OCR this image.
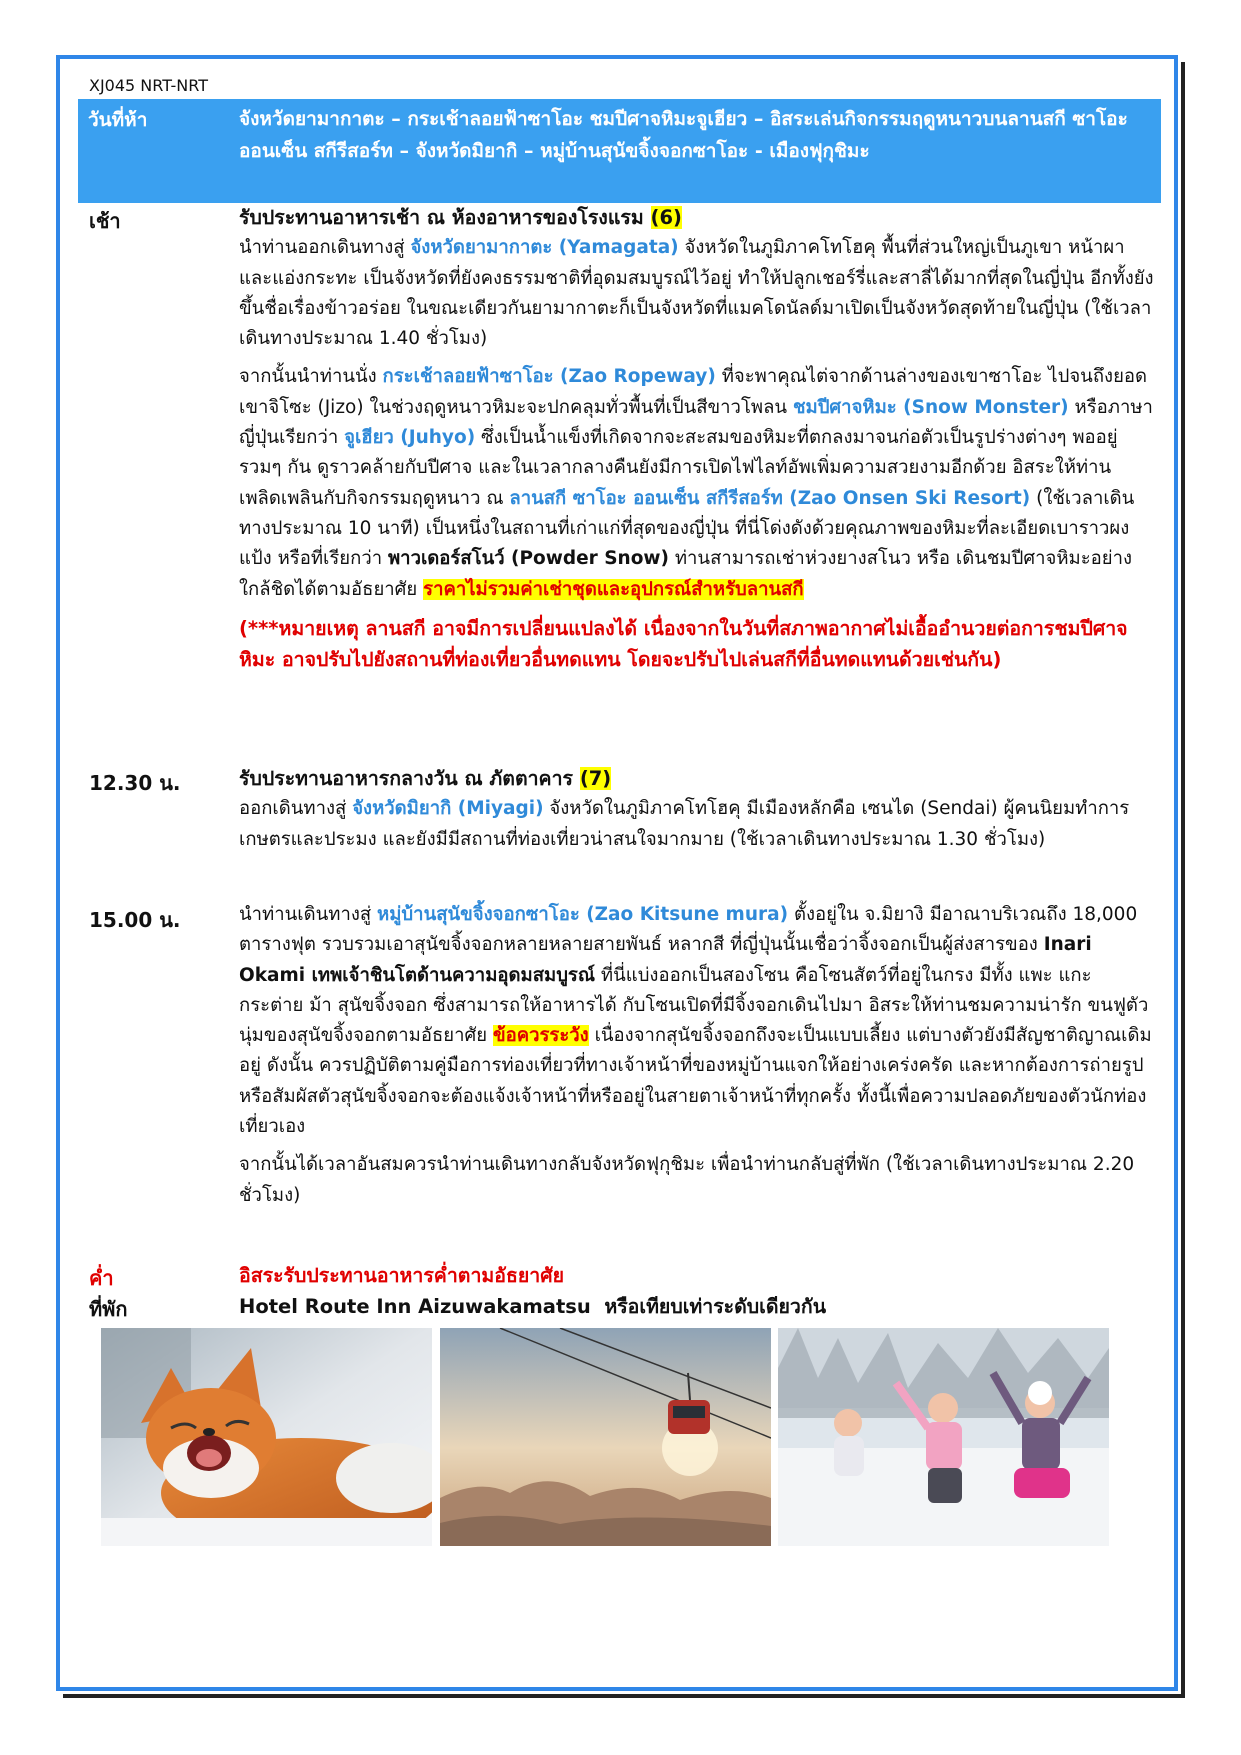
XJ045 NRT-NRT
วันที่ห้า	จังหวัดยามากาตะ – กระเช้าลอยฟ้าซาโอะ ชมปีศาจหิมะจูเฮียว – อิสระเล่นกิจกรรมฤดูหนาวบนลานสกี ซาโอะ ออนเซ็น สกีรีสอร์ท – จังหวัดมิยากิ – หมู่บ้านสุนัขจิ้งจอกซาโอะ - เมืองฟุกุชิมะ
เช้า	รับประทานอาหารเช้า ณ ห้องอาหารของโรงแรม (6)
นำท่านออกเดินทางสู่ จังหวัดยามากาตะ (Yamagata) จังหวัดในภูมิภาคโทโฮคุ พื้นที่ส่วนใหญ่เป็นภูเขา หน้าผา และแอ่งกระทะ เป็นจังหวัดที่ยังคงธรรมชาติที่อุดมสมบูรณ์ไว้อยู่ ทำให้ปลูกเชอร์รี่และสาลี่ได้มากที่สุดในญี่ปุ่น อีกทั้งยังขึ้นชื่อเรื่องข้าวอร่อย ในขณะเดียวกันยามากาตะก็เป็นจังหวัดที่แมคโดนัลด์มาเปิดเป็นจังหวัดสุดท้ายในญี่ปุ่น (ใช้เวลาเดินทางประมาณ 1.40 ชั่วโมง)
จากนั้นนำท่านนั่ง กระเช้าลอยฟ้าซาโอะ (Zao Ropeway) ที่จะพาคุณไต่จากด้านล่างของเขาซาโอะ ไปจนถึงยอดเขาจิโซะ (Jizo) ในช่วงฤดูหนาวหิมะจะปกคลุมทั่วพื้นที่เป็นสีขาวโพลน ชมปีศาจหิมะ (Snow Monster) หรือภาษาญี่ปุ่นเรียกว่า จูเฮียว (Juhyo) ซึ่งเป็นน้ำแข็งที่เกิดจากจะสะสมของหิมะที่ตกลงมาจนก่อตัวเป็นรูปร่างต่างๆ พออยู่รวมๆ กัน ดูราวคล้ายกับปีศาจ และในเวลากลางคืนยังมีการเปิดไฟไลท์อัพเพิ่มความสวยงามอีกด้วย อิสระให้ท่านเพลิดเพลินกับกิจกรรมฤดูหนาว ณ ลานสกี ซาโอะ ออนเซ็น สกีรีสอร์ท (Zao Onsen Ski Resort) (ใช้เวลาเดินทางประมาณ 10 นาที) เป็นหนึ่งในสถานที่เก่าแก่ที่สุดของญี่ปุ่น ที่นี่โด่งดังด้วยคุณภาพของหิมะที่ละเอียดเบาราวผงแป้ง หรือที่เรียกว่า พาวเดอร์สโนว์ (Powder Snow) ท่านสามารถเช่าห่วงยางสโนว หรือ เดินชมปีศาจหิมะอย่างใกล้ชิดได้ตามอัธยาศัย ราคาไม่รวมค่าเช่าชุดและอุปกรณ์สำหรับลานสกี
(***หมายเหตุ ลานสกี อาจมีการเปลี่ยนแปลงได้ เนื่องจากในวันที่สภาพอากาศไม่เอื้ออำนวยต่อการชมปีศาจหิมะ อาจปรับไปยังสถานที่ท่องเที่ยวอื่นทดแทน โดยจะปรับไปเล่นสกีที่อื่นทดแทนด้วยเช่นกัน)
12.30 น.	รับประทานอาหารกลางวัน ณ ภัตตาคาร (7)
ออกเดินทางสู่ จังหวัดมิยากิ (Miyagi) จังหวัดในภูมิภาคโทโฮคุ มีเมืองหลักคือ เซนได (Sendai) ผู้คนนิยมทำการเกษตรและประมง และยังมีมีสถานที่ท่องเที่ยวน่าสนใจมากมาย (ใช้เวลาเดินทางประมาณ 1.30 ชั่วโมง)
15.00 น.	นำท่านเดินทางสู่ หมู่บ้านสุนัขจิ้งจอกซาโอะ (Zao Kitsune mura) ตั้งอยู่ใน จ.มิยางิ มีอาณาบริเวณถึง 18,000 ตารางฟุต รวบรวมเอาสุนัขจิ้งจอกหลายหลายสายพันธ์ หลากสี ที่ญี่ปุ่นนั้นเชื่อว่าจิ้งจอกเป็นผู้ส่งสารของ Inari Okami เทพเจ้าชินโตด้านความอุดมสมบูรณ์ ที่นี่แบ่งออกเป็นสองโซน คือโซนสัตว์ที่อยู่ในกรง มีทั้ง แพะ แกะ กระต่าย ม้า สุนัขจิ้งจอก ซึ่งสามารถให้อาหารได้ กับโซนเปิดที่มีจิ้งจอกเดินไปมา อิสระให้ท่านชมความน่ารัก ขนฟูตัวนุ่มของสุนัขจิ้งจอกตามอัธยาศัย ข้อควรระวัง เนื่องจากสุนัขจิ้งจอกถึงจะเป็นแบบเลี้ยง แต่บางตัวยังมีสัญชาติญาณเดิมอยู่ ดังนั้น ควรปฏิบัติตามคู่มือการท่องเที่ยวที่ทางเจ้าหน้าที่ของหมู่บ้านแจกให้อย่างเคร่งครัด และหากต้องการถ่ายรูปหรือสัมผัสตัวสุนัขจิ้งจอกจะต้องแจ้งเจ้าหน้าที่หรืออยู่ในสายตาเจ้าหน้าที่ทุกครั้ง ทั้งนี้เพื่อความปลอดภัยของตัวนักท่องเที่ยวเอง
จากนั้นได้เวลาอันสมควรนำท่านเดินทางกลับจังหวัดฟุกุชิมะ เพื่อนำท่านกลับสู่ที่พัก (ใช้เวลาเดินทางประมาณ 2.20 ชั่วโมง)
ค่ำ	อิสระรับประทานอาหารค่ำตามอัธยาศัย
ที่พัก	Hotel Route Inn Aizuwakamatsu  หรือเทียบเท่าระดับเดียวกัน
